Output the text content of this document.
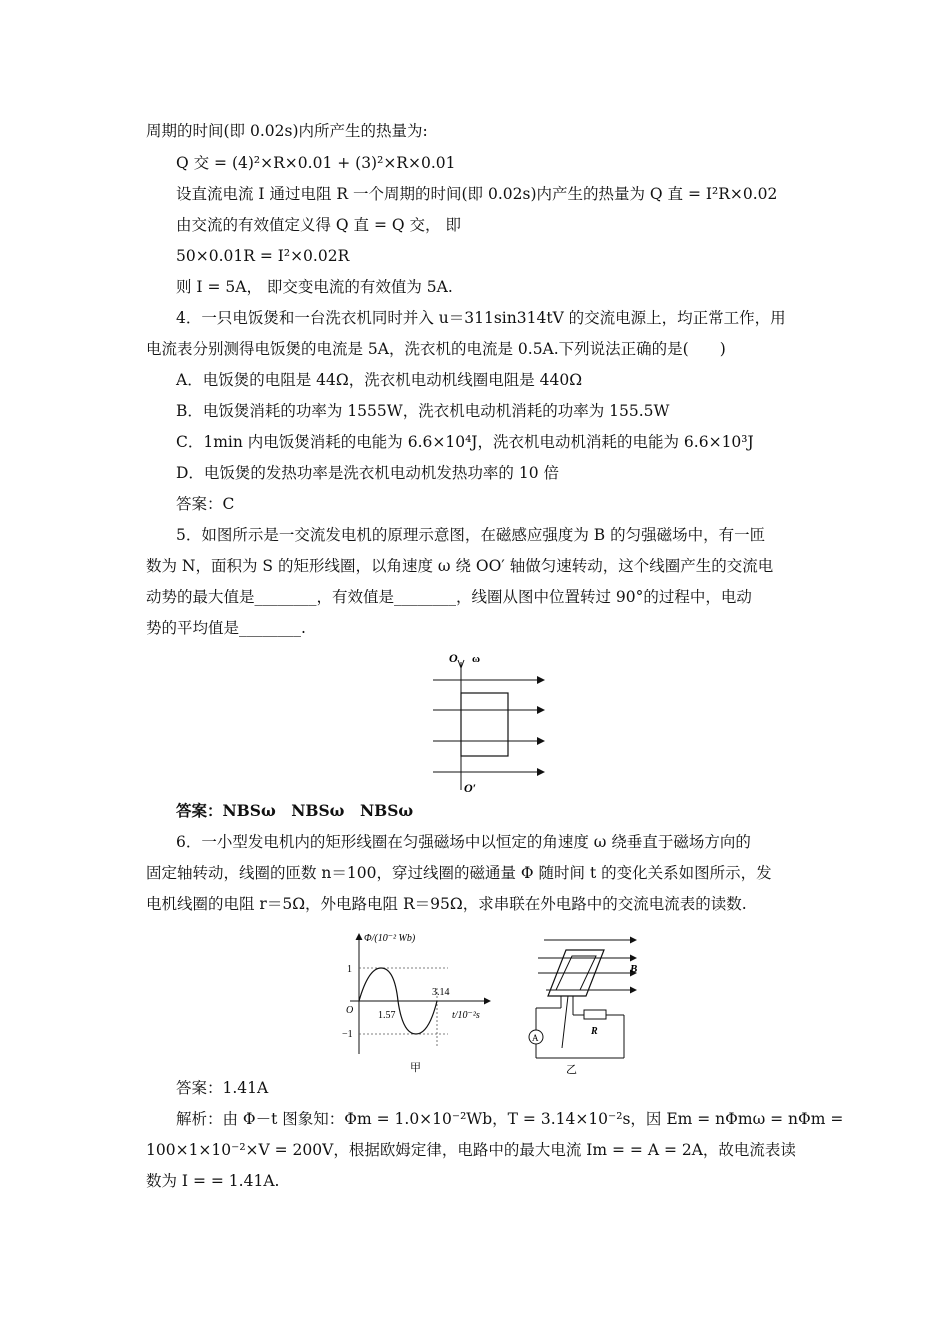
周期的时间(即 0.02s)内所产生的热量为:
Q 交 = (4)²×R×0.01 + (3)²×R×0.01
设直流电流 I 通过电阻 R 一个周期的时间(即 0.02s)内产生的热量为 Q 直 = I²R×0.02
由交流的有效值定义得 Q 直 = Q 交， 即
50×0.01R = I²×0.02R
则 I = 5A， 即交变电流的有效值为 5A.
4．一只电饭煲和一台洗衣机同时并入 u＝311sin314tV 的交流电源上，均正常工作，用
电流表分别测得电饭煲的电流是 5A，洗衣机的电流是 0.5A.下列说法正确的是(　　)
A．电饭煲的电阻是 44Ω，洗衣机电动机线圈电阻是 440Ω
B．电饭煲消耗的功率为 1555W，洗衣机电动机消耗的功率为 155.5W
C．1min 内电饭煲消耗的电能为 6.6×10⁴J，洗衣机电动机消耗的电能为 6.6×10³J
D．电饭煲的发热功率是洗衣机电动机发热功率的 10 倍
答案：C
5．如图所示是一交流发电机的原理示意图，在磁感应强度为 B 的匀强磁场中，有一匝
数为 N，面积为 S 的矩形线圈，以角速度 ω 绕 OO′ 轴做匀速转动，这个线圈产生的交流电
动势的最大值是________，有效值是________，线圈从图中位置转过 90°的过程中，电动
势的平均值是________.
O ω
O′
答案：NBSω　NBSω　NBSω
6．一小型发电机内的矩形线圈在匀强磁场中以恒定的角速度 ω 绕垂直于磁场方向的
固定轴转动，线圈的匝数 n＝100，穿过线圈的磁通量 Φ 随时间 t 的变化关系如图所示，发
电机线圈的电阻 r＝5Ω，外电路电阻 R＝95Ω，求串联在外电路中的交流电流表的读数.
Φ/(10⁻² Wb)
1
−1
O 1.57
3.14
t/10⁻²s
甲
B
A
R
乙
答案：1.41A
解析：由 Φ－t 图象知：Φm = 1.0×10⁻²Wb，T = 3.14×10⁻²s，因 Em = nΦmω = nΦm =
100×1×10⁻²×V = 200V，根据欧姆定律，电路中的最大电流 Im = = A = 2A，故电流表读
数为 I = = 1.41A.
